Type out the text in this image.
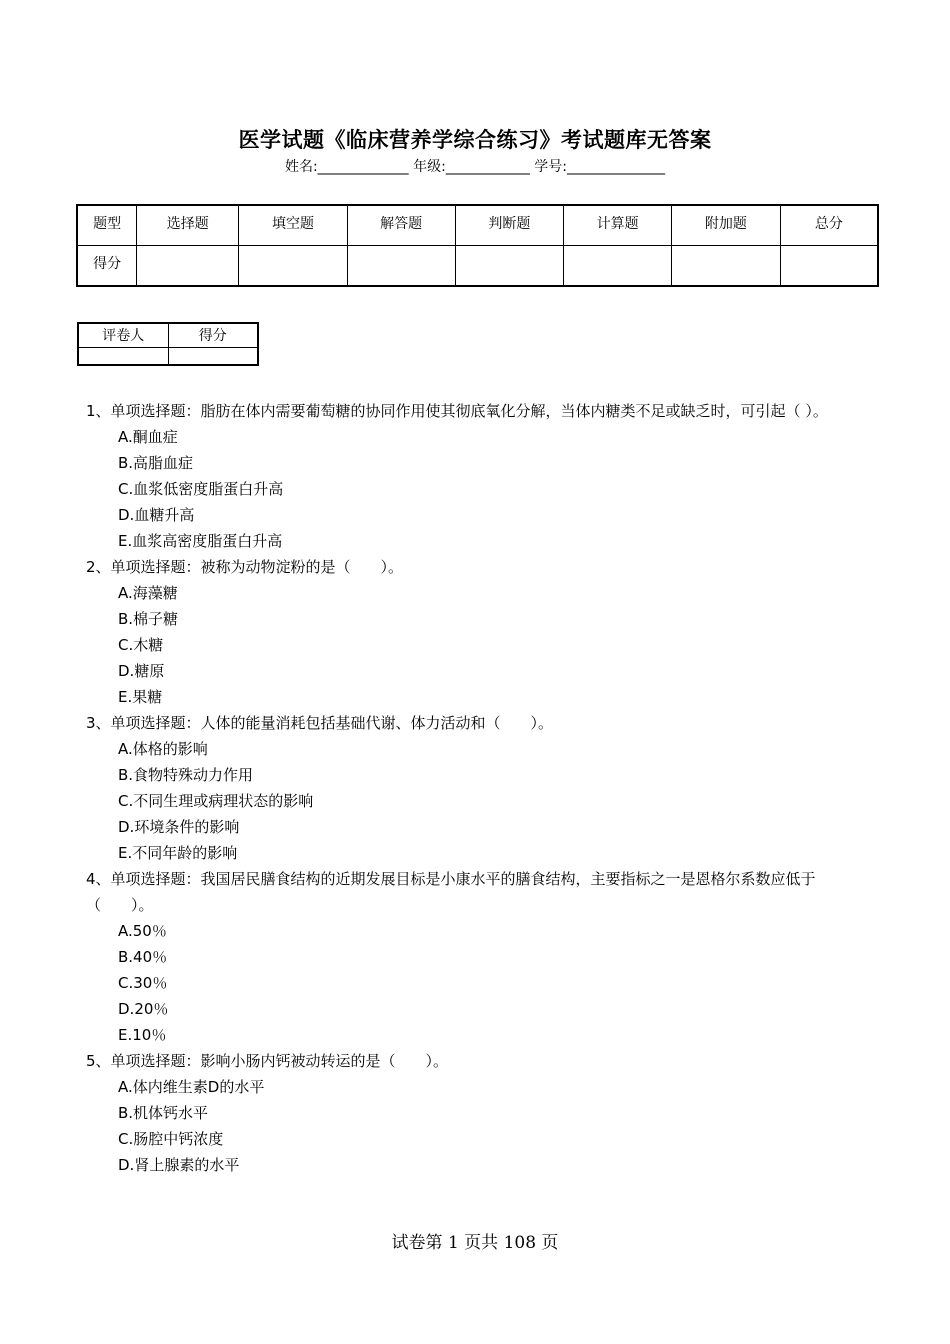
医学试题《临床营养学综合练习》考试题库无答案
姓名:_____________ 年级:____________ 学号:______________
题型	选择题	填空题	解答题	判断题	计算题	附加题	总分
得分							
评卷人	得分

1、单项选择题：脂肪在体内需要葡萄糖的协同作用使其彻底氧化分解，当体内糖类不足或缺乏时，可引起（ ）。

A.酮血症

B.高脂血症

C.血浆低密度脂蛋白升高

D.血糖升高

E.血浆高密度脂蛋白升高

2、单项选择题：被称为动物淀粉的是（　　）。

A.海藻糖

B.棉子糖

C.木糖

D.糖原

E.果糖

3、单项选择题：人体的能量消耗包括基础代谢、体力活动和（　　）。

A.体格的影响

B.食物特殊动力作用

C.不同生理或病理状态的影响

D.环境条件的影响

E.不同年龄的影响

4、单项选择题：我国居民膳食结构的近期发展目标是小康水平的膳食结构，主要指标之一是恩格尔系数应低于（　　）。

A.50％

B.40％

C.30％

D.20％

E.10％

5、单项选择题：影响小肠内钙被动转运的是（　　）。

A.体内维生素D的水平

B.机体钙水平

C.肠腔中钙浓度

D.肾上腺素的水平

试卷第 1 页共 108 页
